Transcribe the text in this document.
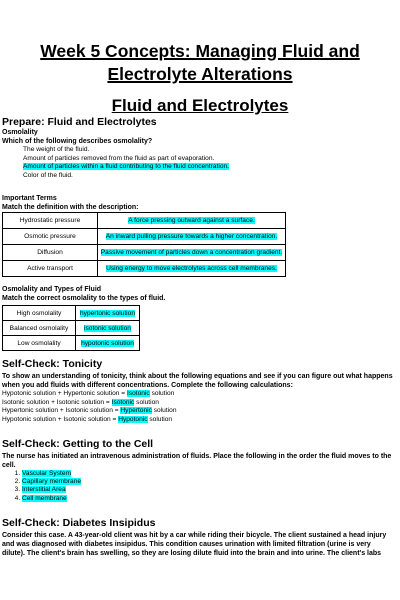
Week 5 Concepts: Managing Fluid and
Electrolyte Alterations
Fluid and Electrolytes
Prepare: Fluid and Electrolytes
Osmolality
Which of the following describes osmolality?
The weight of the fluid.
Amount of particles removed from the fluid as part of evaporation.
Amount of particles within a fluid contributing to the fluid concentration.
Color of the fluid.
Important Terms
Match the definition with the description:
Hydrostatic pressure	A force pressing outward against a surface.
Osmotic pressure	An inward pulling pressure towards a higher concentration.
Diffusion	Passive movement of particles down a concentration gradient.
Active transport	Using energy to move electrolytes across cell membranes.
Osmolality and Types of Fluid
Match the correct osmolality to the types of fluid.
High osmolality	hypertonic solution
Balanced osmolality	isotonic solution
Low osmolality	hypotonic solution
Self-Check: Tonicity
To show an understanding of tonicity, think about the following equations and see if you can figure out what happens when you add fluids with different concentrations. Complete the following calculations:
Hypotonic solution + Hypertonic solution = Isotonic solution
Isotonic solution + Isotonic solution = Isotonic solution
Hypertonic solution + Isotonic solution = Hypertonic solution
Hypotonic solution + Isotonic solution = Hypotonic solution
Self-Check: Getting to the Cell
The nurse has initiated an intravenous administration of fluids. Place the following in the order the fluid moves to the cell.
1. Vascular System
2. Capillary membrane
3. Interstitial Area
4. Cell membrane
Self-Check: Diabetes Insipidus
Consider this case. A 43-year-old client was hit by a car while riding their bicycle. The client sustained a head injury and was diagnosed with diabetes insipidus. This condition causes urination with limited filtration (urine is very dilute). The client's brain has swelling, so they are losing dilute fluid into the brain and into urine. The client's labs
